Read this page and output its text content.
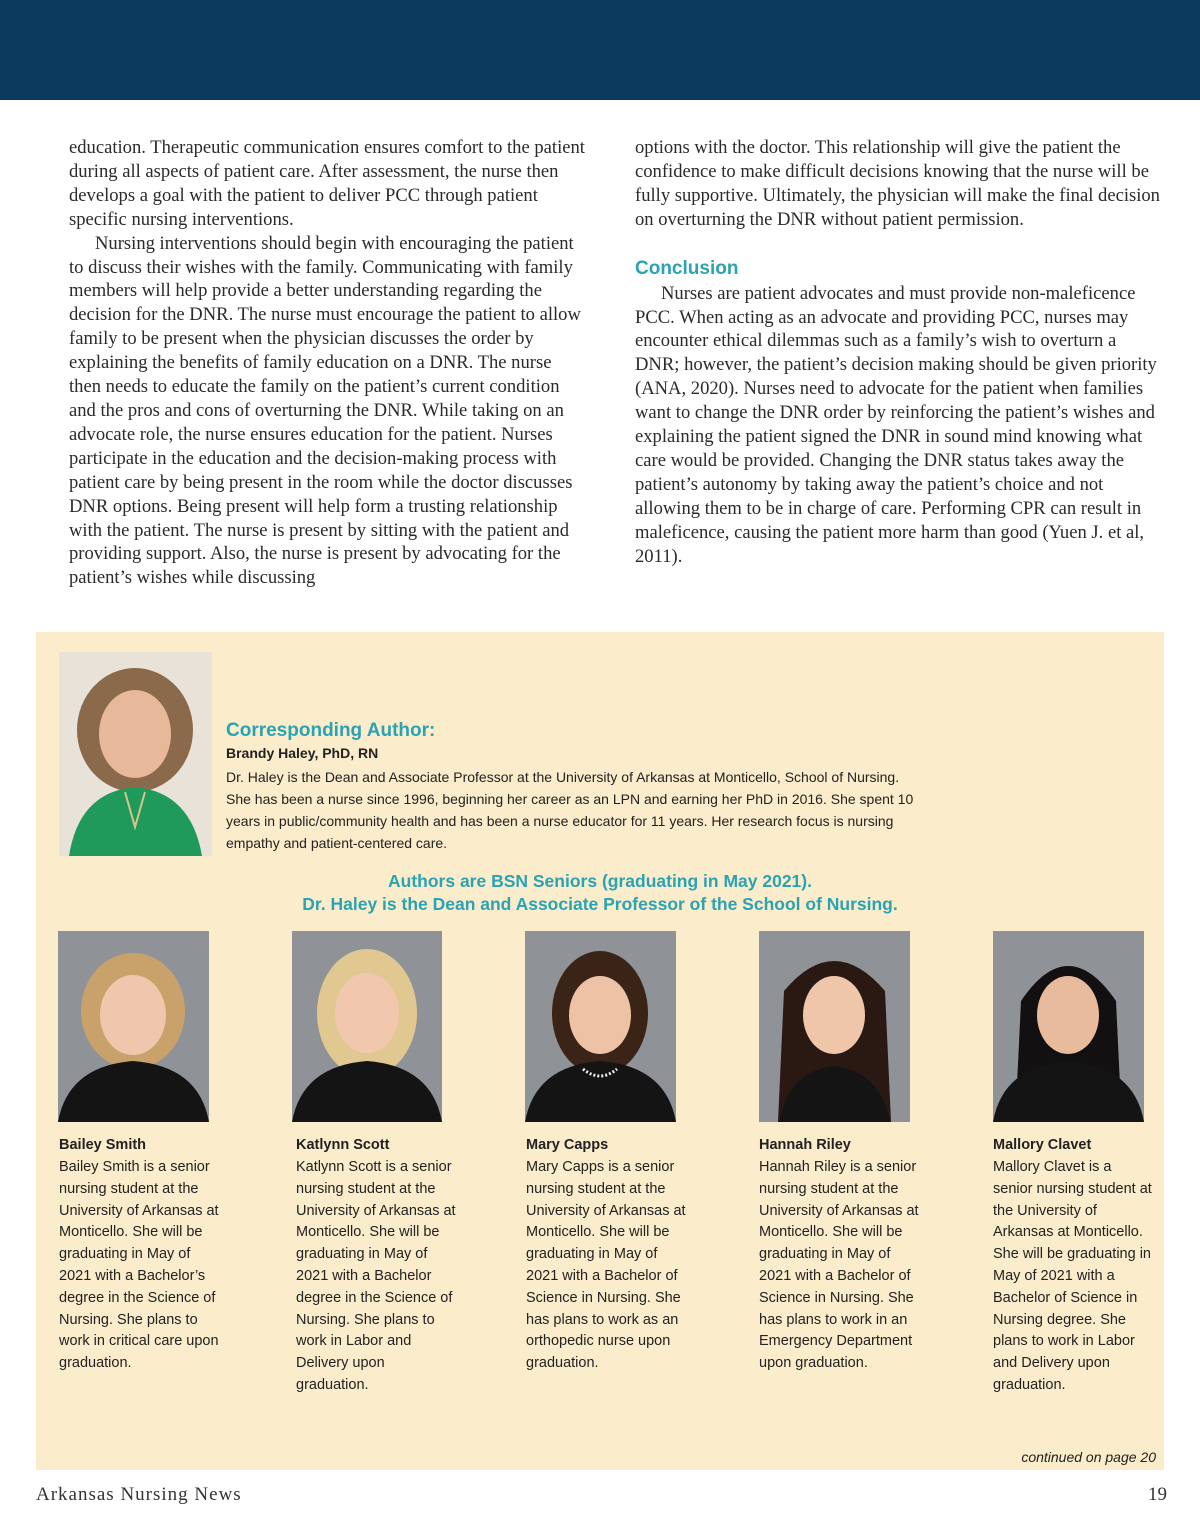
education. Therapeutic communication ensures comfort to the patient during all aspects of patient care. After assessment, the nurse then develops a goal with the patient to deliver PCC through patient specific nursing interventions.

Nursing interventions should begin with encouraging the patient to discuss their wishes with the family. Communicating with family members will help provide a better understanding regarding the decision for the DNR. The nurse must encourage the patient to allow family to be present when the physician discusses the order by explaining the benefits of family education on a DNR. The nurse then needs to educate the family on the patient’s current condition and the pros and cons of overturning the DNR. While taking on an advocate role, the nurse ensures education for the patient. Nurses participate in the education and the decision-making process with patient care by being present in the room while the doctor discusses DNR options. Being present will help form a trusting relationship with the patient. The nurse is present by sitting with the patient and providing support. Also, the nurse is present by advocating for the patient’s wishes while discussing

options with the doctor. This relationship will give the patient the confidence to make difficult decisions knowing that the nurse will be fully supportive. Ultimately, the physician will make the final decision on overturning the DNR without patient permission.

Conclusion

Nurses are patient advocates and must provide non-maleficence PCC. When acting as an advocate and providing PCC, nurses may encounter ethical dilemmas such as a family’s wish to overturn a DNR; however, the patient’s decision making should be given priority (ANA, 2020). Nurses need to advocate for the patient when families want to change the DNR order by reinforcing the patient’s wishes and explaining the patient signed the DNR in sound mind knowing what care would be provided. Changing the DNR status takes away the patient’s autonomy by taking away the patient’s choice and not allowing them to be in charge of care. Performing CPR can result in maleficence, causing the patient more harm than good (Yuen J. et al, 2011).

Corresponding Author:
Brandy Haley, PhD, RN
Dr. Haley is the Dean and Associate Professor at the University of Arkansas at Monticello, School of Nursing. She has been a nurse since 1996, beginning her career as an LPN and earning her PhD in 2016. She spent 10 years in public/community health and has been a nurse educator for 11 years. Her research focus is nursing empathy and patient-centered care.
Authors are BSN Seniors (graduating in May 2021).
Dr. Haley is the Dean and Associate Professor of the School of Nursing.
Bailey Smith
Bailey Smith is a senior nursing student at the University of Arkansas at Monticello. She will be graduating in May of 2021 with a Bachelor’s degree in the Science of Nursing. She plans to work in critical care upon graduation.
Katlynn Scott
Katlynn Scott is a senior nursing student at the University of Arkansas at Monticello. She will be graduating in May of 2021 with a Bachelor degree in the Science of Nursing. She plans to work in Labor and Delivery upon graduation.
Mary Capps
Mary Capps is a senior nursing student at the University of Arkansas at Monticello. She will be graduating in May of 2021 with a Bachelor of Science in Nursing. She has plans to work as an orthopedic nurse upon graduation.
Hannah Riley
Hannah Riley is a senior nursing student at the University of Arkansas at Monticello. She will be graduating in May of 2021 with a Bachelor of Science in Nursing. She has plans to work in an Emergency Department upon graduation.
Mallory Clavet
Mallory Clavet is a senior nursing student at the University of Arkansas at Monticello. She will be graduating in May of 2021 with a Bachelor of Science in Nursing degree. She plans to work in Labor and Delivery upon graduation.
continued on page 20
Arkansas Nursing News	19
